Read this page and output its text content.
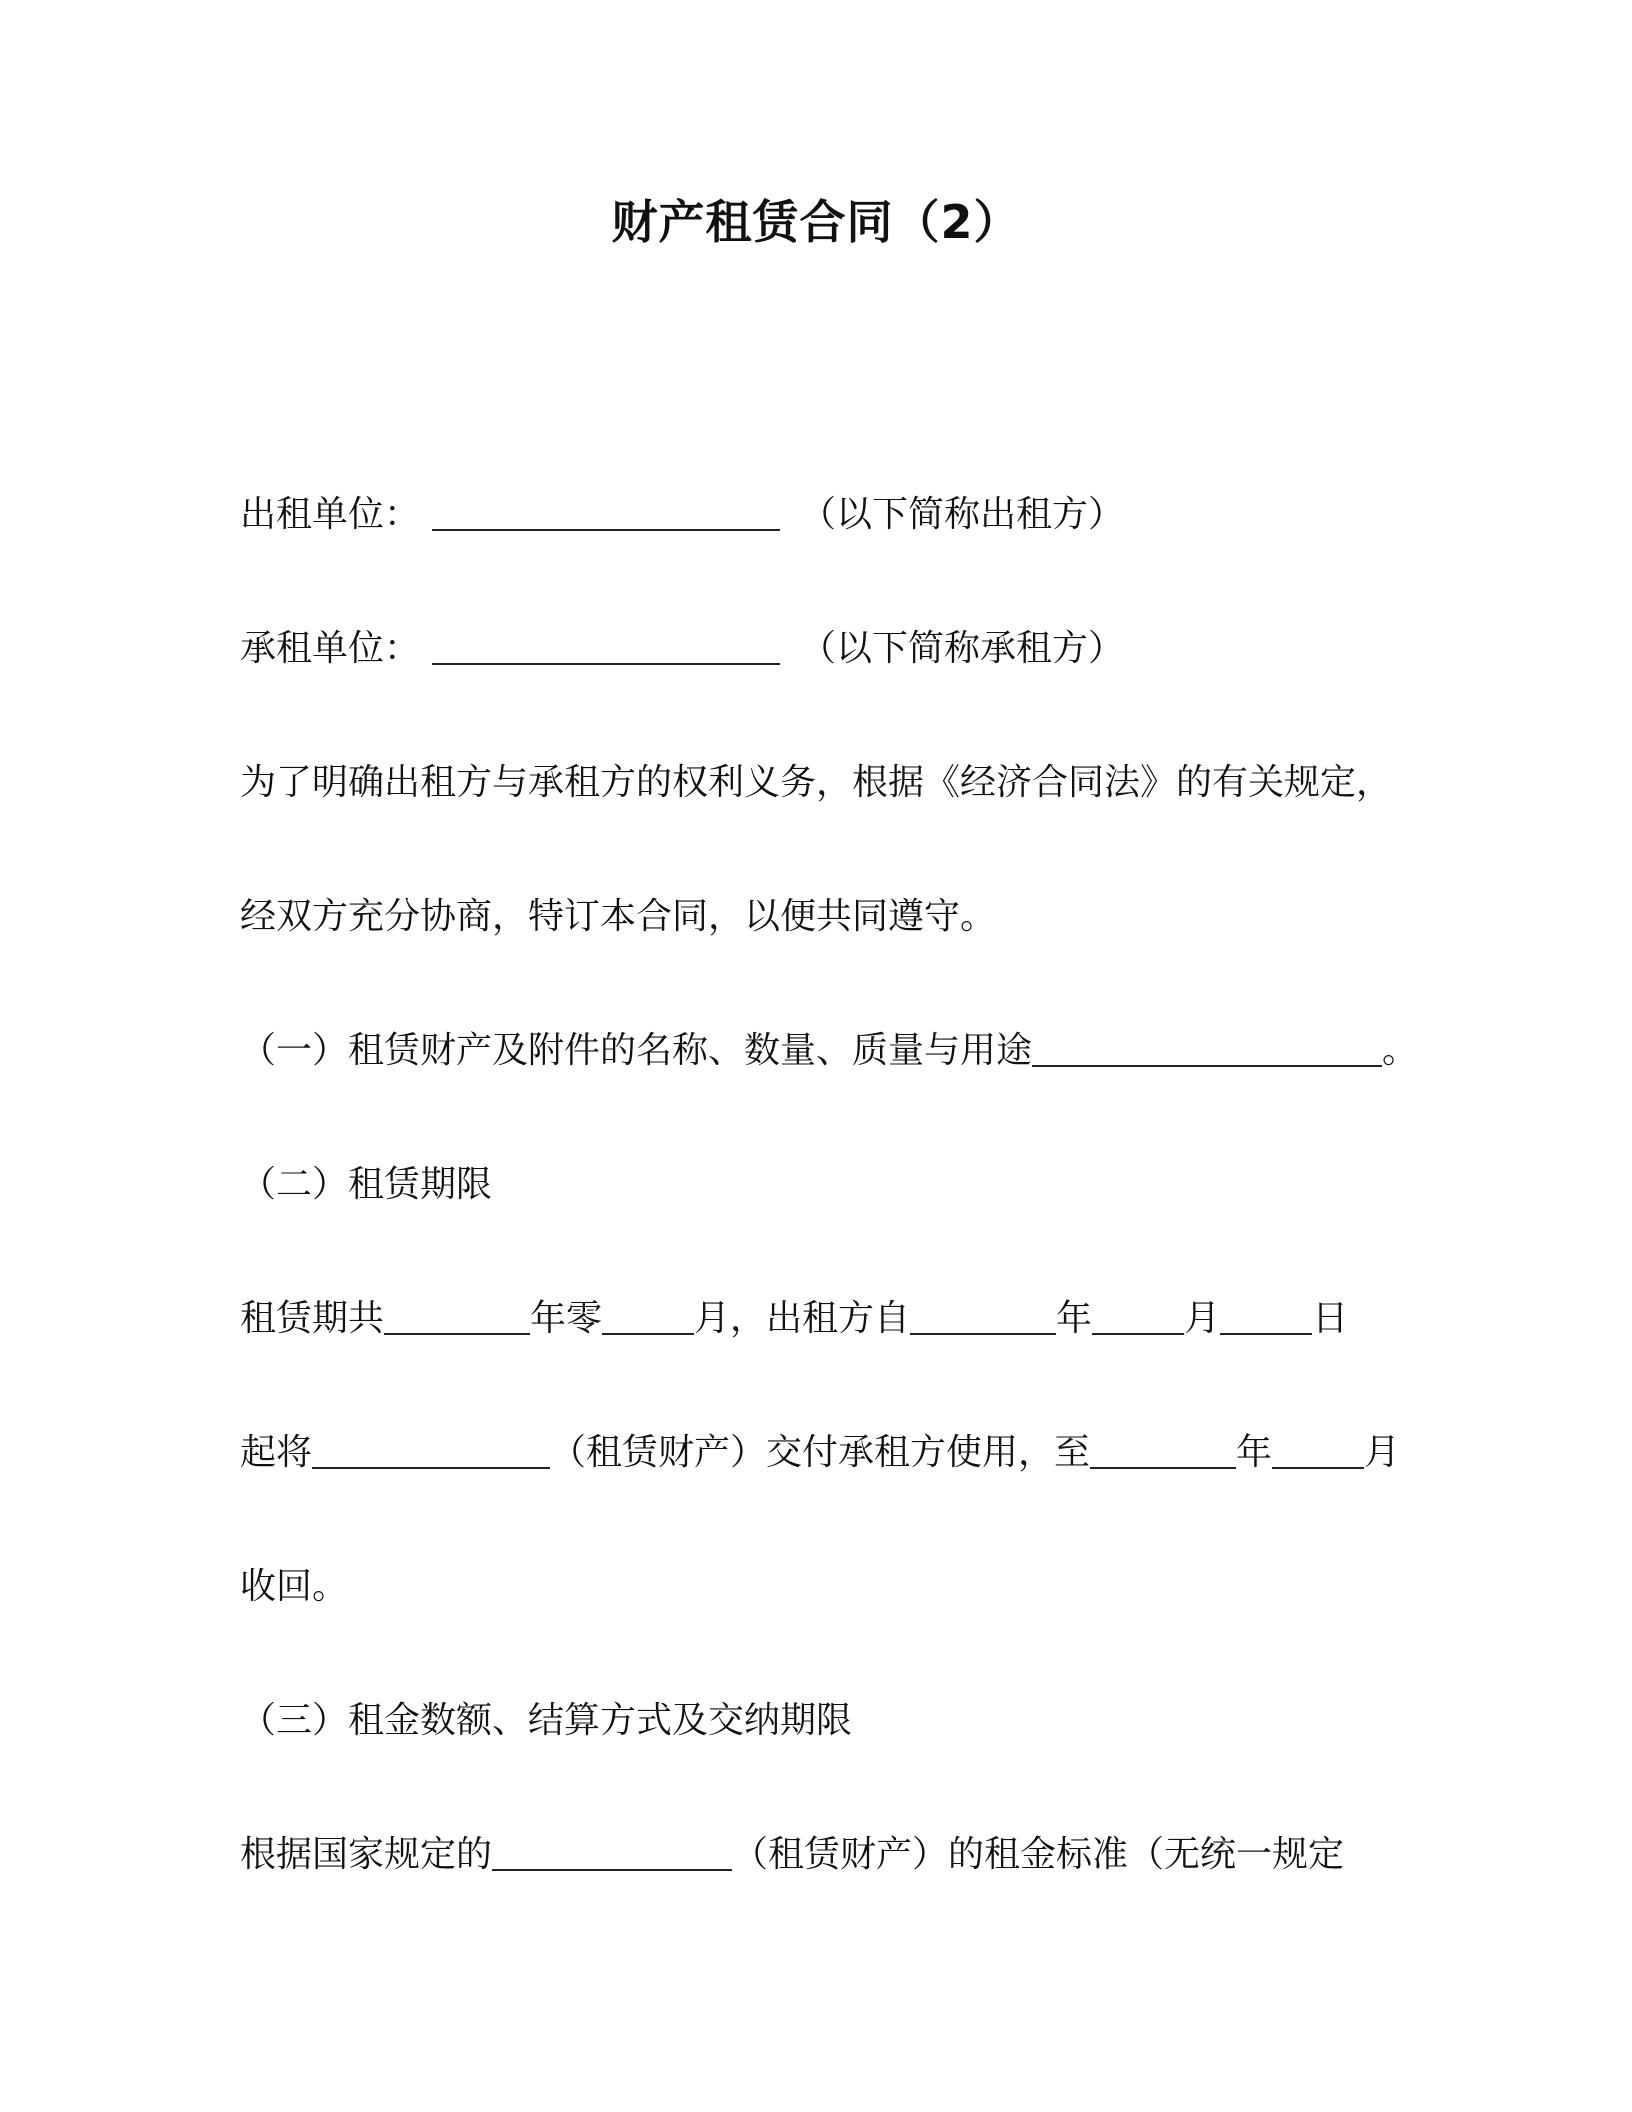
财产租赁合同（2）
出租单位：	（以下简称出租方）
承租单位：	（以下简称承租方）
为了明确出租方与承租方的权利义务，根据《经济合同法》的有关规定，
经双方充分协商，特订本合同，以便共同遵守。
（一）租赁财产及附件的名称、数量、质量与用途	。
（二）租赁期限
租赁期共	年零	月，出租方自	年	月	日
起将	（租赁财产）交付承租方使用，至	年	月
收回。
（三）租金数额、结算方式及交纳期限
根据国家规定的	（租赁财产）的租金标准（无统一规定
